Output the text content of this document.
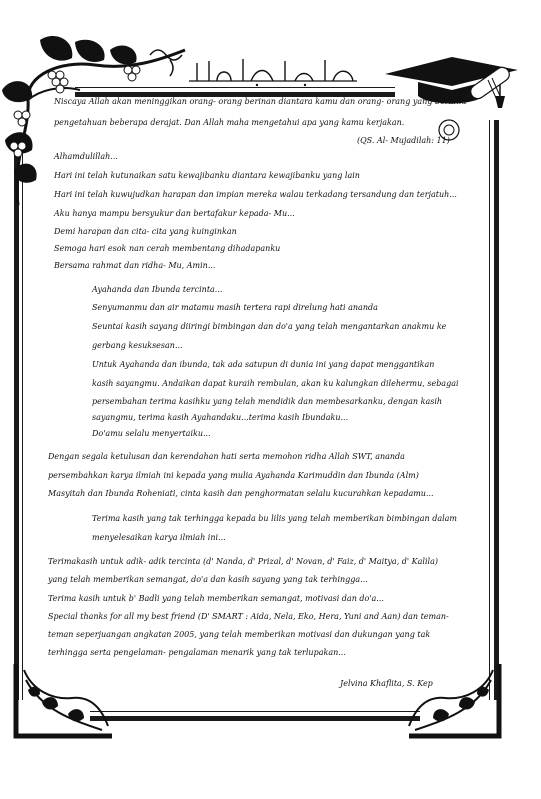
Niscaya Allah akan meninggikan orang- orang berinan diantara kamu dan orang- orang yang berilmu
pengetahuan beberapa derajat. Dan Allah maha mengetahui apa yang kamu kerjakan.
(QS. Al- Mujadilah: 11)
Alhamdulillah...
Hari ini telah kutunaikan satu kewajibanku diantara kewajibanku yang lain
Hari ini telah kuwujudkan harapan dan impian mereka walau terkadang tersandung dan terjatuh...
Aku hanya mampu bersyukur dan bertafakur kepada- Mu...
Demi harapan dan cita- cita yang kuinginkan
Semoga hari esok nan cerah membentang dihadapanku
Bersama rahmat dan ridha- Mu, Amin...
Ayahanda dan Ibunda tercinta...
Senyumanmu dan air matamu masih tertera rapi direlung hati ananda
Seuntai kasih sayang diiringi bimbingan dan do'a yang telah mengantarkan anakmu ke
gerbang kesuksesan...
Untuk Ayahanda dan ibunda, tak ada satupun di dunia ini yang dapat menggantikan
kasih sayangmu. Andaikan dapat kuraih rembulan, akan ku kalungkan dilehermu, sebagai
persembahan terima kasihku yang telah mendidik dan membesarkanku, dengan kasih
sayangmu, terima kasih Ayahandaku...terima kasih Ibundaku...
Do'amu selalu menyertaiku...
Dengan segala ketulusan dan kerendahan hati serta memohon ridha Allah SWT, ananda
persembahkan karya ilmiah ini kepada yang mulia Ayahanda Karimuddin dan Ibunda (Alm)
Masyitah dan Ibunda Roheniati, cinta kasih dan penghormatan selalu kucurahkan kepadamu...
Terima kasih yang tak terhingga kepada bu lilis yang telah memberikan bimbingan dalam
menyelesaikan karya ilmiah ini...
Terimakasih untuk adik- adik tercinta (d' Nanda, d' Prizal, d' Novan, d' Faiz, d' Maitya, d' Kalila)
yang telah memberikan semangat, do'a dan kasih sayang yang tak terhingga...
Terima kasih untuk b' Badli yang telah memberikan semangat, motivasi dan do'a...
Special thanks for all my best friend (D' SMART : Aida, Nela, Eko, Hera, Yuni and Aan) dan teman-
teman seperjuangan angkatan 2005, yang telah memberikan motivasi dan dukungan yang tak
terhingga serta pengelaman- pengalaman menarik yang tak terlupakan...
Jelvina Khaflita, S. Kep
